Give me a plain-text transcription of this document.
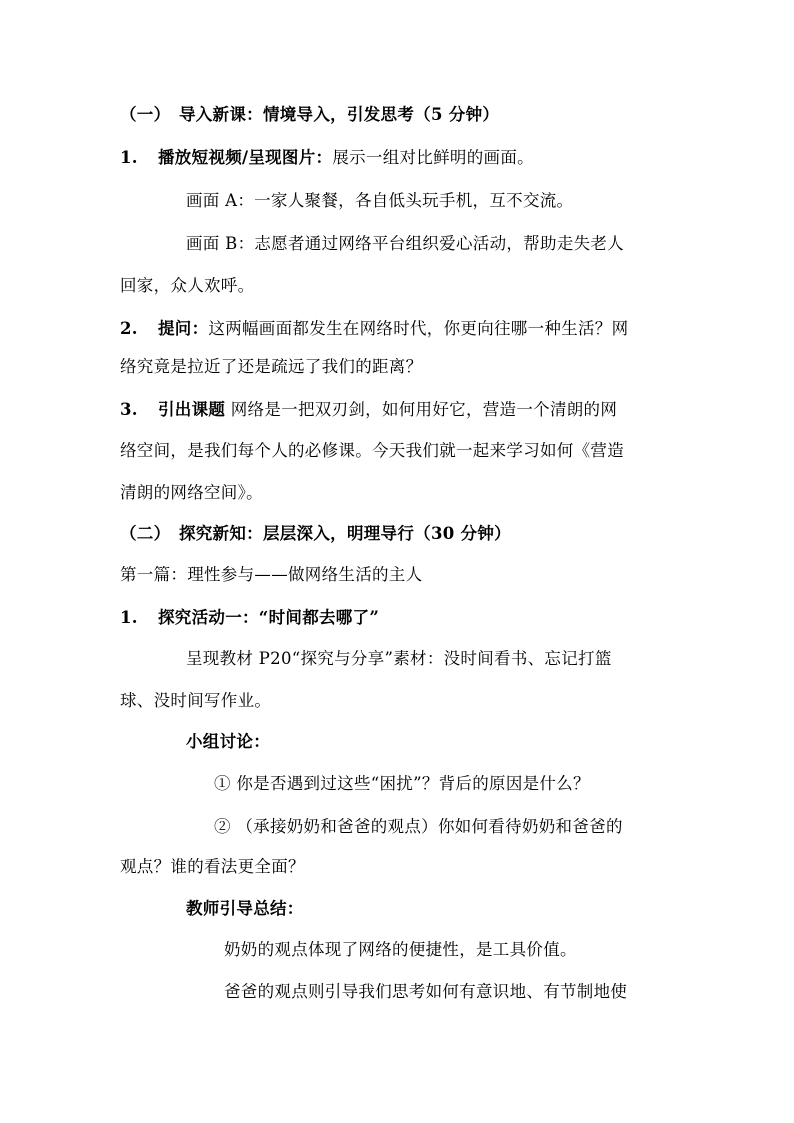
（一）　导入新课：情境导入，引发思考（5 分钟）
1. 播放短视频/呈现图片：展示一组对比鲜明的画面。
画面 A：一家人聚餐，各自低头玩手机，互不交流。
画面 B：志愿者通过网络平台组织爱心活动，帮助走失老人
回家，众人欢呼。
2. 提问：这两幅画面都发生在网络时代，你更向往哪一种生活？网
络究竟是拉近了还是疏远了我们的距离？
3. 引出课题 网络是一把双刃剑，如何用好它，营造一个清朗的网
络空间，是我们每个人的必修课。今天我们就一起来学习如何《营造
清朗的网络空间》。
（二）　探究新知：层层深入，明理导行（30 分钟）
第一篇：理性参与——做网络生活的主人
1. 探究活动一：“时间都去哪了”
呈现教材 P20“探究与分享”素材：没时间看书、忘记打篮
球、没时间写作业。
小组讨论：
① 你是否遇到过这些“困扰”？背后的原因是什么？
② （承接奶奶和爸爸的观点）你如何看待奶奶和爸爸的
观点？谁的看法更全面？
教师引导总结：
奶奶的观点体现了网络的便捷性，是工具价值。
爸爸的观点则引导我们思考如何有意识地、有节制地使
